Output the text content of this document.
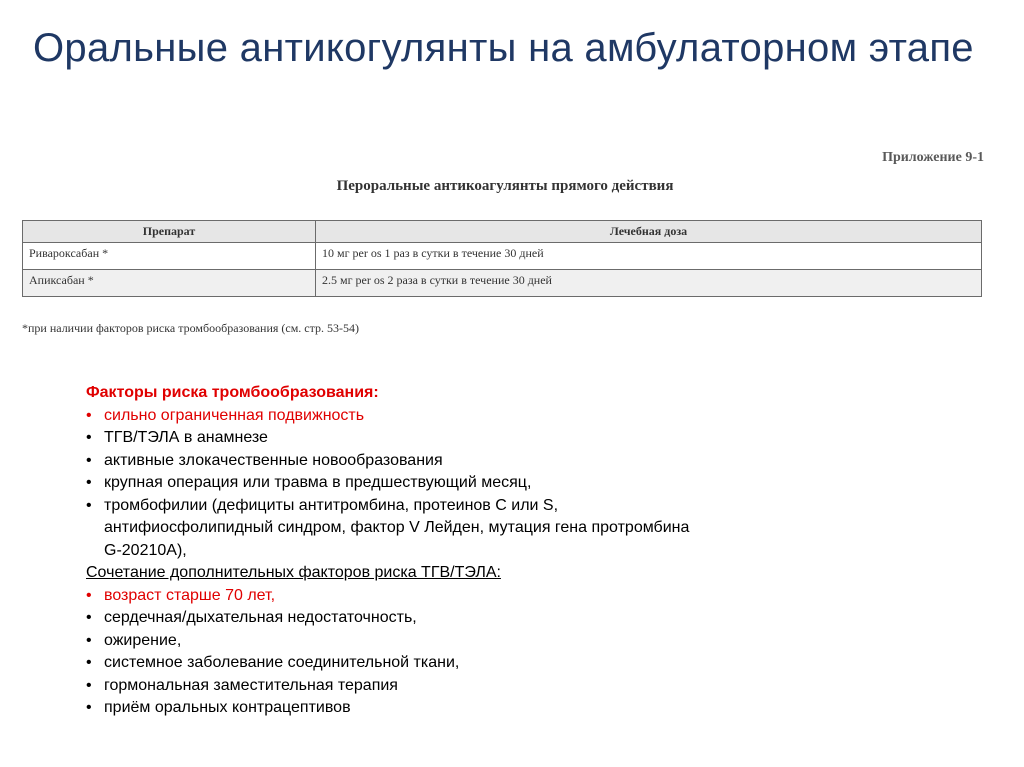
Оральные антикогулянты на амбулаторном этапе
Приложение 9-1
Пероральные антикоагулянты прямого действия
Препарат	Лечебная доза
Ривароксабан *	10 мг per os 1 раз в сутки в течение 30 дней
Апиксабан *	2.5 мг per os 2 раза в сутки в течение 30 дней
*при наличии факторов риска тромбообразования (см. стр. 53-54)
Факторы риска тромбообразования:
• сильно ограниченная подвижность
• ТГВ/ТЭЛА в анамнезе
• активные злокачественные новообразования
• крупная операция или травма в предшествующий месяц,
• тромбофилии (дефициты антитромбина, протеинов С или S, антифиосфолипидный синдром, фактор V Лейден, мутация гена протромбина G-20210A),
Сочетание дополнительных факторов риска ТГВ/ТЭЛА:
• возраст старше 70 лет,
• сердечная/дыхательная недостаточность,
• ожирение,
• системное заболевание соединительной ткани,
• гормональная заместительная терапия
• приём оральных контрацептивов
